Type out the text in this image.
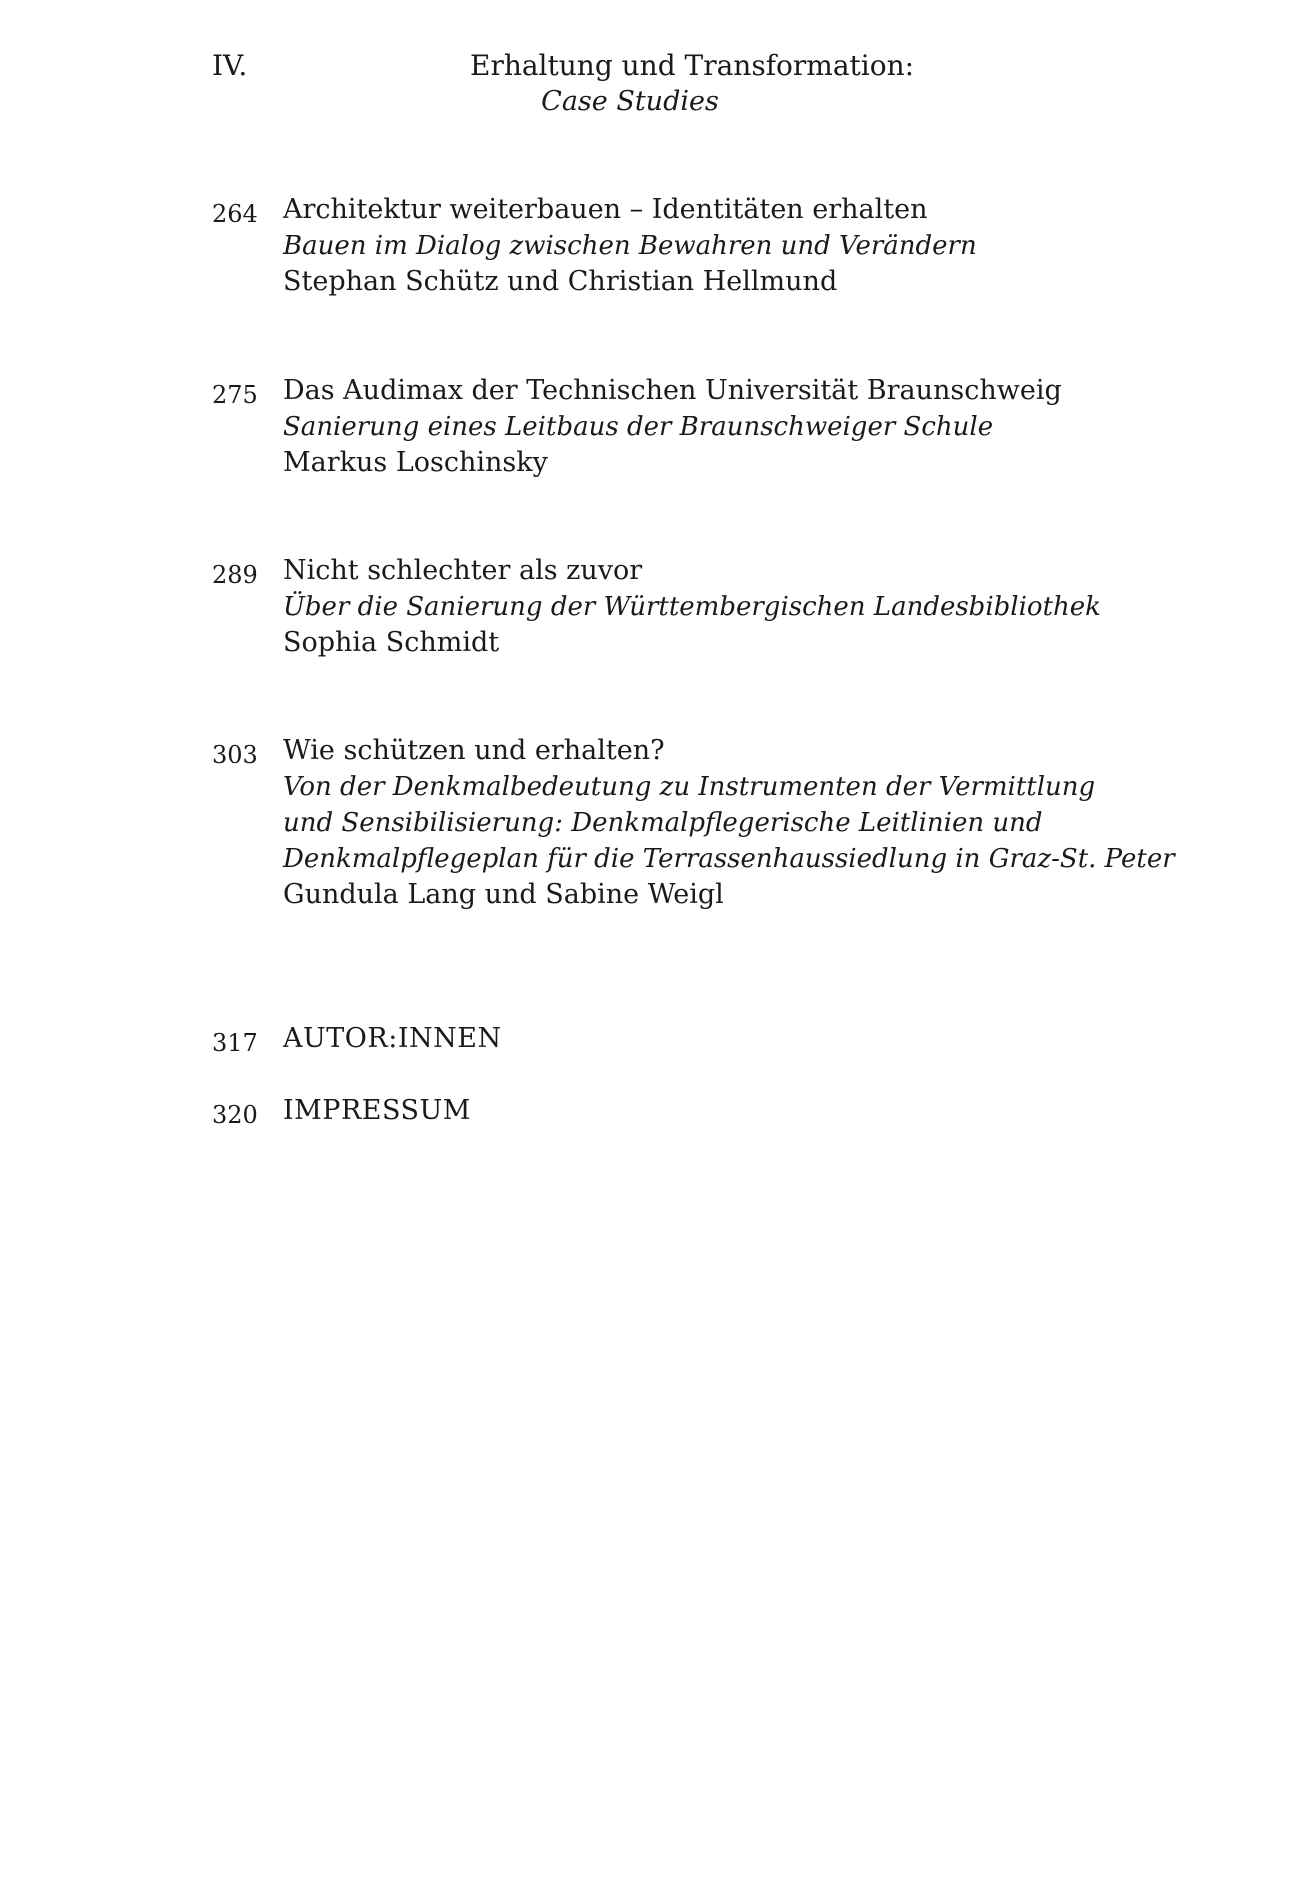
IV.	Erhaltung und Transformation:
Case Studies
264 Architektur weiterbauen – Identitäten erhalten
Bauen im Dialog zwischen Bewahren und Verändern
Stephan Schütz und Christian Hellmund
275 Das Audimax der Technischen Universität Braunschweig
Sanierung eines Leitbaus der Braunschweiger Schule
Markus Loschinsky
289 Nicht schlechter als zuvor
Über die Sanierung der Württembergischen Landesbibliothek
Sophia Schmidt
303 Wie schützen und erhalten?
Von der Denkmalbedeutung zu Instrumenten der Vermittlung
und Sensibilisierung: Denkmalpflegerische Leitlinien und
Denkmalpflegeplan für die Terrassenhaussiedlung in Graz-St. Peter
Gundula Lang und Sabine Weigl
317 AUTOR:INNEN
320 IMPRESSUM
